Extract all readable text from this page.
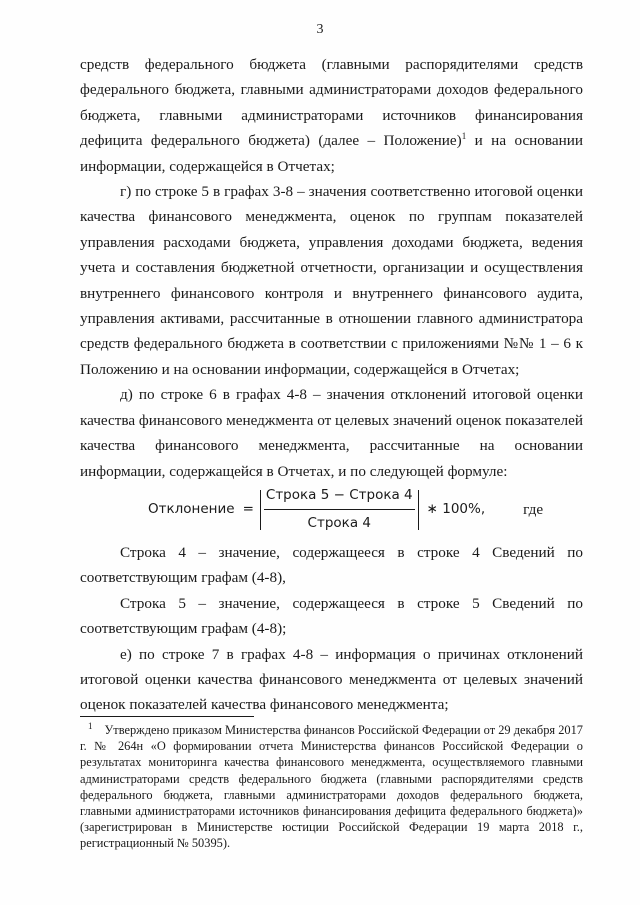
3

средств федерального бюджета (главными распорядителями средств федерального бюджета, главными администраторами доходов федерального бюджета, главными администраторами источников финансирования дефицита федерального бюджета) (далее – Положение)$^1$ и на основании информации, содержащейся в Отчетах;

г) по строке 5 в графах 3-8 – значения соответственно итоговой оценки качества финансового менеджмента, оценок по группам показателей управления расходами бюджета, управления доходами бюджета, ведения учета и составления бюджетной отчетности, организации и осуществления внутреннего финансового контроля и внутреннего финансового аудита, управления активами, рассчитанные в отношении главного администратора средств федерального бюджета в соответствии с приложениями №№ 1 – 6 к Положению и на основании информации, содержащейся в Отчетах;

д) по строке 6 в графах 4-8 – значения отклонений итоговой оценки качества финансового менеджмента от целевых значений оценок показателей качества финансового менеджмента, рассчитанные на основании информации, содержащейся в Отчетах, и по следующей формуле:

Отклонение = $\frac{\text{Строка 5 − Строка 4}}{\text{Строка 4}}$ ∗ 100%,	где

Строка 4 – значение, содержащееся в строке 4 Сведений по соответствующим графам (4-8),

Строка 5 – значение, содержащееся в строке 5 Сведений по соответствующим графам (4-8);

е) по строке 7 в графах 4-8 – информация о причинах отклонений итоговой оценки качества финансового менеджмента от целевых значений оценок показателей качества финансового менеджмента;

$^1$ Утверждено приказом Министерства финансов Российской Федерации от 29 декабря 2017 г. № 264н «О формировании отчета Министерства финансов Российской Федерации о результатах мониторинга качества финансового менеджмента, осуществляемого главными администраторами средств федерального бюджета (главными распорядителями средств федерального бюджета, главными администраторами доходов федерального бюджета, главными администраторами источников финансирования дефицита федерального бюджета)» (зарегистрирован в Министерстве юстиции Российской Федерации 19 марта 2018 г., регистрационный № 50395).
